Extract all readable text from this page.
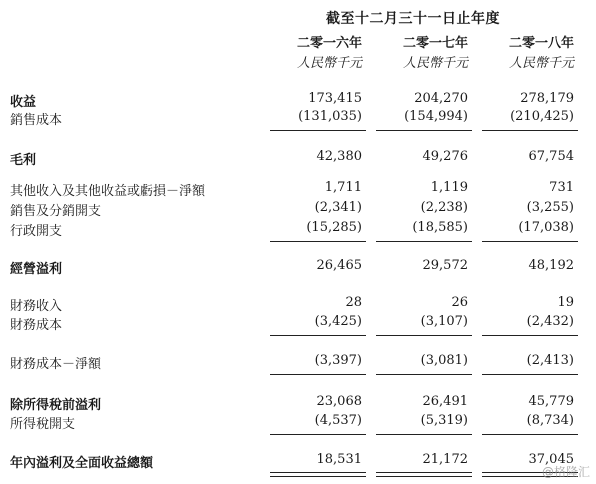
截至十二月三十一日止年度
二零一六年	二零一七年	二零一八年
人民幣千元	人民幣千元	人民幣千元
收益	173,415	204,270	278,179
銷售成本	(131,035)	(154,994)	(210,425)
毛利	42,380	49,276	67,754
其他收入及其他收益或虧損－淨額	1,711	1,119	731
銷售及分銷開支	(2,341)	(2,238)	(3,255)
行政開支	(15,285)	(18,585)	(17,038)
經營溢利	26,465	29,572	48,192
財務收入	28	26	19
財務成本	(3,425)	(3,107)	(2,432)
財務成本－淨額	(3,397)	(3,081)	(2,413)
除所得稅前溢利	23,068	26,491	45,779
所得稅開支	(4,537)	(5,319)	(8,734)
年內溢利及全面收益總額	18,531	21,172	37,045
@格隆汇
